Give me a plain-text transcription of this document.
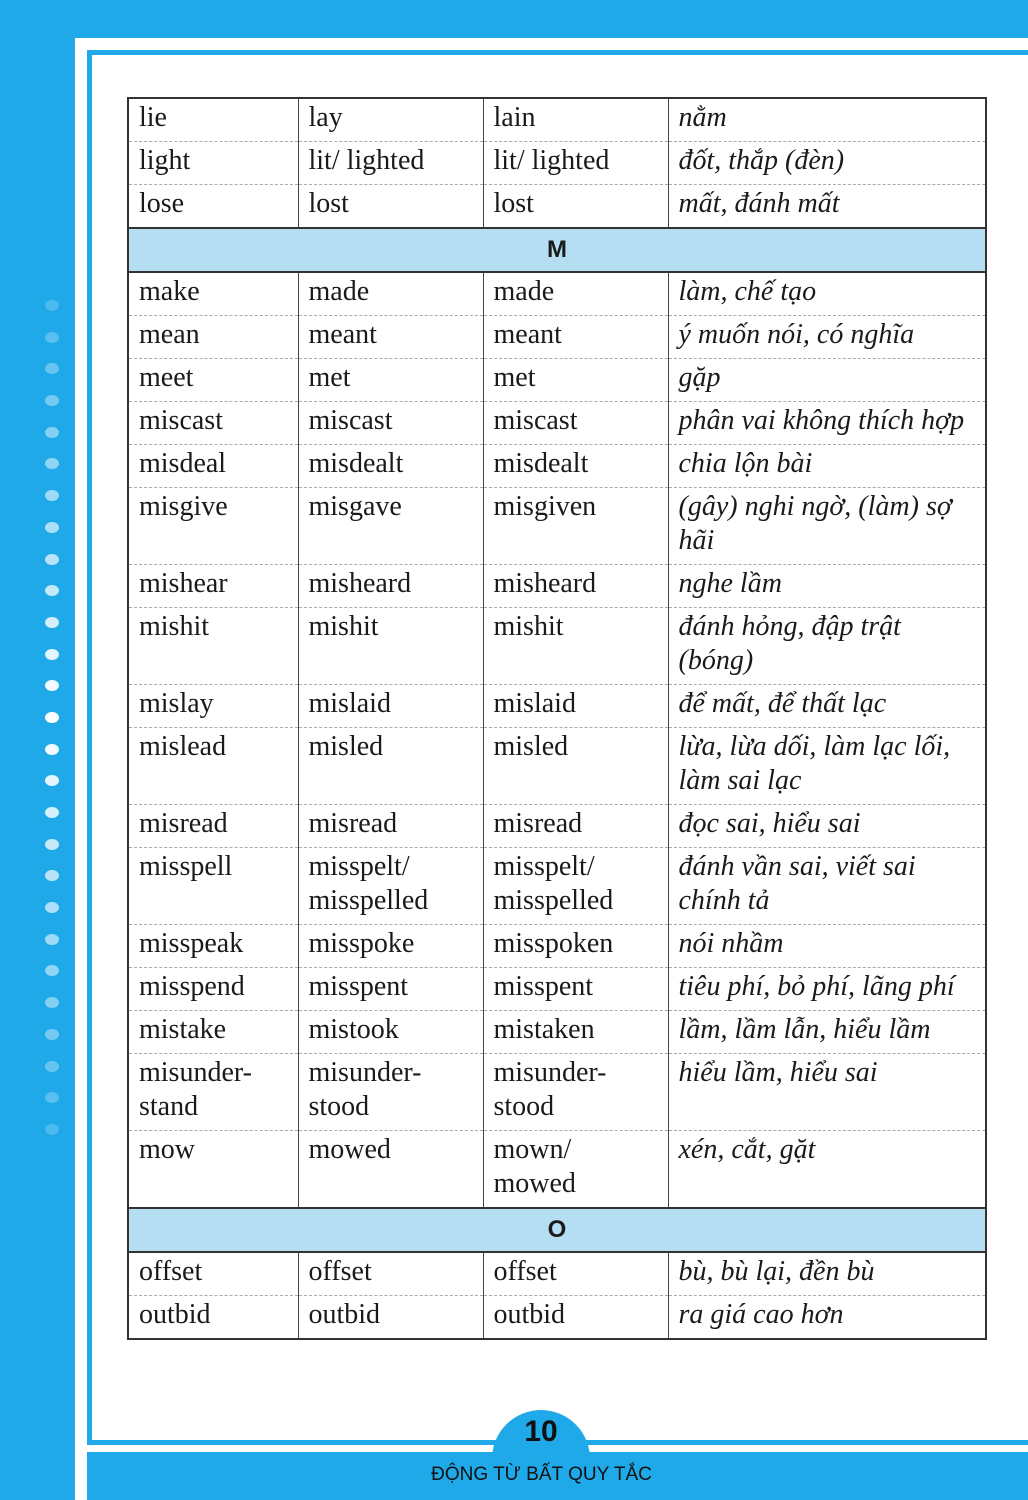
lie	lay	lain	nằm
light	lit/ lighted	lit/ lighted	đốt, thắp (đèn)
lose	lost	lost	mất, đánh mất
M			
make	made	made	làm, chế tạo
mean	meant	meant	ý muốn nói, có nghĩa
meet	met	met	gặp
miscast	miscast	miscast	phân vai không thích hợp
misdeal	misdealt	misdealt	chia lộn bài
misgive	misgave	misgiven	(gây) nghi ngờ, (làm) sợ hãi
mishear	misheard	misheard	nghe lầm
mishit	mishit	mishit	đánh hỏng, đập trật (bóng)
mislay	mislaid	mislaid	để mất, để thất lạc
mislead	misled	misled	lừa, lừa dối, làm lạc lối, làm sai lạc
misread	misread	misread	đọc sai, hiểu sai
misspell	misspelt/ misspelled	misspelt/ misspelled	đánh vần sai, viết sai chính tả
misspeak	misspoke	misspoken	nói nhầm
misspend	misspent	misspent	tiêu phí, bỏ phí, lãng phí
mistake	mistook	mistaken	lầm, lầm lẫn, hiểu lầm
misunder-stand	misunder-stood	misunder-stood	hiểu lầm, hiểu sai
mow	mowed	mown/ mowed	xén, cắt, gặt
O			
offset	offset	offset	bù, bù lại, đền bù
outbid	outbid	outbid	ra giá cao hơn
10
ĐỘNG TỪ BẤT QUY TẮC
